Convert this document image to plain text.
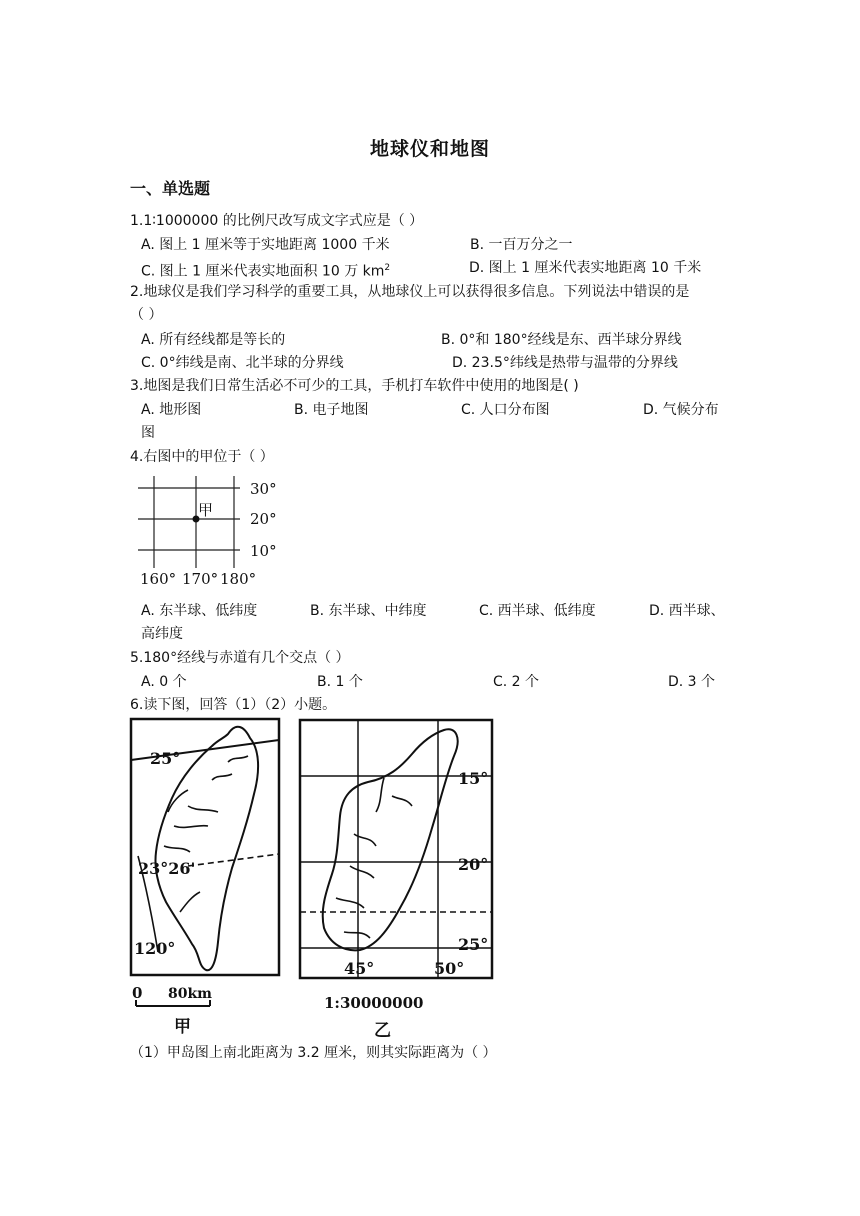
地球仪和地图
一、单选题
1.1∶1000000 的比例尺改写成文字式应是（ ）
A. 图上 1 厘米等于实地距离 1000 千米	B. 一百万分之一
C. 图上 1 厘米代表实地面积 10 万 $km^2$	D. 图上 1 厘米代表实地距离 10 千米
2.地球仪是我们学习科学的重要工具，从地球仪上可以获得很多信息。下列说法中错误的是
（ ）
A. 所有经线都是等长的	B. 0°和 180°经线是东、西半球分界线
C. 0°纬线是南、北半球的分界线	D. 23.5°纬线是热带与温带的分界线
3.地图是我们日常生活必不可少的工具，手机打车软件中使用的地图是( )
A. 地形图	B. 电子地图	C. 人口分布图	D. 气候分布
图
4.右图中的甲位于（ ）
甲
30°
20°
10°
160° 170° 180°
A. 东半球、低纬度	B. 东半球、中纬度	C. 西半球、低纬度	D. 西半球、
高纬度
5.180°经线与赤道有几个交点（ ）
A. 0 个	B. 1 个	C. 2 个	D. 3 个
6.读下图，回答（1）（2）小题。
25°
23°26'
120°
0 80km
甲
15°
20°
25°
45°	50°
1:30000000
乙
（1）甲岛图上南北距离为 3.2 厘米，则其实际距离为（ ）
